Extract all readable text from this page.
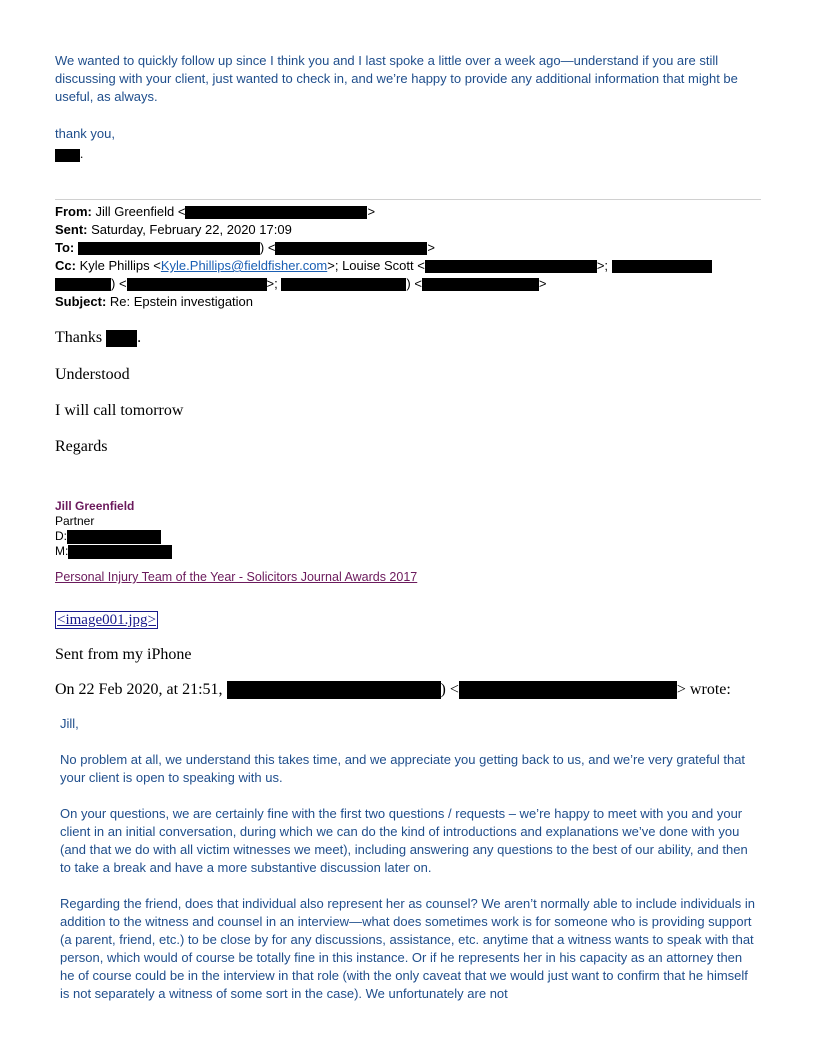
We wanted to quickly follow up since I think you and I last spoke a little over a week ago—understand if you are still discussing with your client, just wanted to check in, and we’re happy to provide any additional information that might be useful, as always.
thank you,
.
From: Jill Greenfield <	>
Sent: Saturday, February 22, 2020 17:09
To:	) <	>
Cc: Kyle Phillips <Kyle.Phillips@fieldfisher.com>; Louise Scott <	>;
) <	>;	) <	>
Subject: Re: Epstein investigation
Thanks .
Understood
I will call tomorrow
Regards
Jill Greenfield
Partner
D:
M:
Personal Injury Team of the Year - Solicitors Journal Awards 2017
<image001.jpg>
Sent from my iPhone
On 22 Feb 2020, at 21:51,	) <	> wrote:
Jill,
No problem at all, we understand this takes time, and we appreciate you getting back to us, and we’re very grateful that your client is open to speaking with us.
On your questions, we are certainly fine with the first two questions / requests – we’re happy to meet with you and your client in an initial conversation, during which we can do the kind of introductions and explanations we’ve done with you (and that we do with all victim witnesses we meet), including answering any questions to the best of our ability, and then to take a break and have a more substantive discussion later on.
Regarding the friend, does that individual also represent her as counsel? We aren’t normally able to include individuals in addition to the witness and counsel in an interview—what does sometimes work is for someone who is providing support (a parent, friend, etc.) to be close by for any discussions, assistance, etc. anytime that a witness wants to speak with that person, which would of course be totally fine in this instance. Or if he represents her in his capacity as an attorney then he of course could be in the interview in that role (with the only caveat that we would just want to confirm that he himself is not separately a witness of some sort in the case). We unfortunately are not
